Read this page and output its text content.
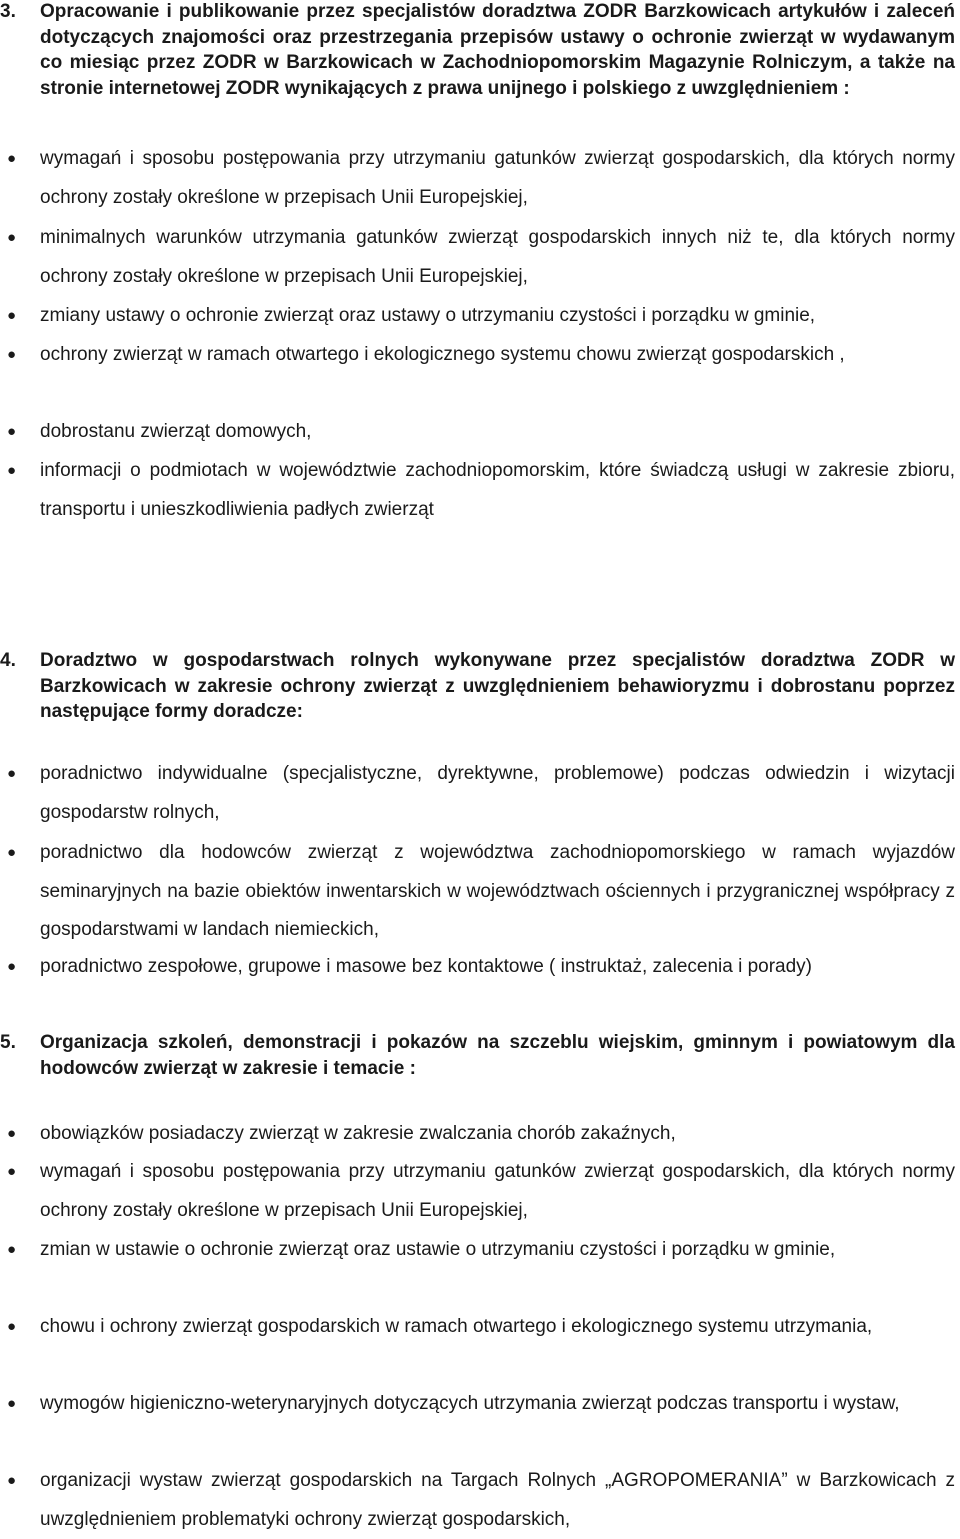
3.	Opracowanie i publikowanie przez specjalistów doradztwa ZODR Barzkowicach artykułów i zaleceń dotyczących znajomości oraz przestrzegania przepisów ustawy o ochronie zwierząt w wydawanym co miesiąc przez ZODR w Barzkowicach w Zachodniopomorskim Magazynie Rolniczym, a także na stronie internetowej ZODR wynikających z prawa unijnego i polskiego z uwzględnieniem :
●	wymagań i sposobu postępowania przy utrzymaniu gatunków zwierząt gospodarskich, dla których normy ochrony zostały określone w przepisach Unii Europejskiej,
●	minimalnych warunków utrzymania gatunków zwierząt gospodarskich innych niż te, dla których normy ochrony zostały określone w przepisach Unii Europejskiej,
●	zmiany ustawy o ochronie zwierząt oraz ustawy o utrzymaniu czystości i porządku w gminie,
●	ochrony zwierząt w ramach otwartego i ekologicznego systemu chowu zwierząt gospodarskich ,
●	dobrostanu zwierząt domowych,
●	informacji o podmiotach w województwie zachodniopomorskim, które świadczą usługi w zakresie zbioru, transportu i unieszkodliwienia padłych zwierząt
4.	Doradztwo w gospodarstwach rolnych wykonywane przez specjalistów doradztwa ZODR w Barzkowicach w zakresie ochrony zwierząt z uwzględnieniem behawioryzmu i dobrostanu poprzez następujące formy doradcze:
●	poradnictwo indywidualne (specjalistyczne, dyrektywne, problemowe) podczas odwiedzin i wizytacji gospodarstw rolnych,
●	poradnictwo dla hodowców zwierząt z województwa zachodniopomorskiego w ramach wyjazdów seminaryjnych na bazie obiektów inwentarskich w województwach ościennych i przygranicznej współpracy z gospodarstwami w landach niemieckich,
●	poradnictwo zespołowe, grupowe i masowe bez kontaktowe ( instruktaż, zalecenia i porady)
5.	Organizacja szkoleń, demonstracji i pokazów na szczeblu wiejskim, gminnym i powiatowym dla hodowców zwierząt w zakresie i temacie :
●	obowiązków posiadaczy zwierząt w zakresie zwalczania chorób zakaźnych,
●	wymagań i sposobu postępowania przy utrzymaniu gatunków zwierząt gospodarskich, dla których normy ochrony zostały określone w przepisach Unii Europejskiej,
●	zmian w ustawie o ochronie zwierząt oraz ustawie o utrzymaniu czystości i porządku w gminie,
●	chowu i ochrony zwierząt gospodarskich w ramach otwartego i ekologicznego systemu utrzymania,
●	wymogów higieniczno-weterynaryjnych dotyczących utrzymania zwierząt podczas transportu i wystaw,
●	organizacji wystaw zwierząt gospodarskich na Targach Rolnych „AGROPOMERANIA” w Barzkowicach z uwzględnieniem problematyki ochrony zwierząt gospodarskich,
